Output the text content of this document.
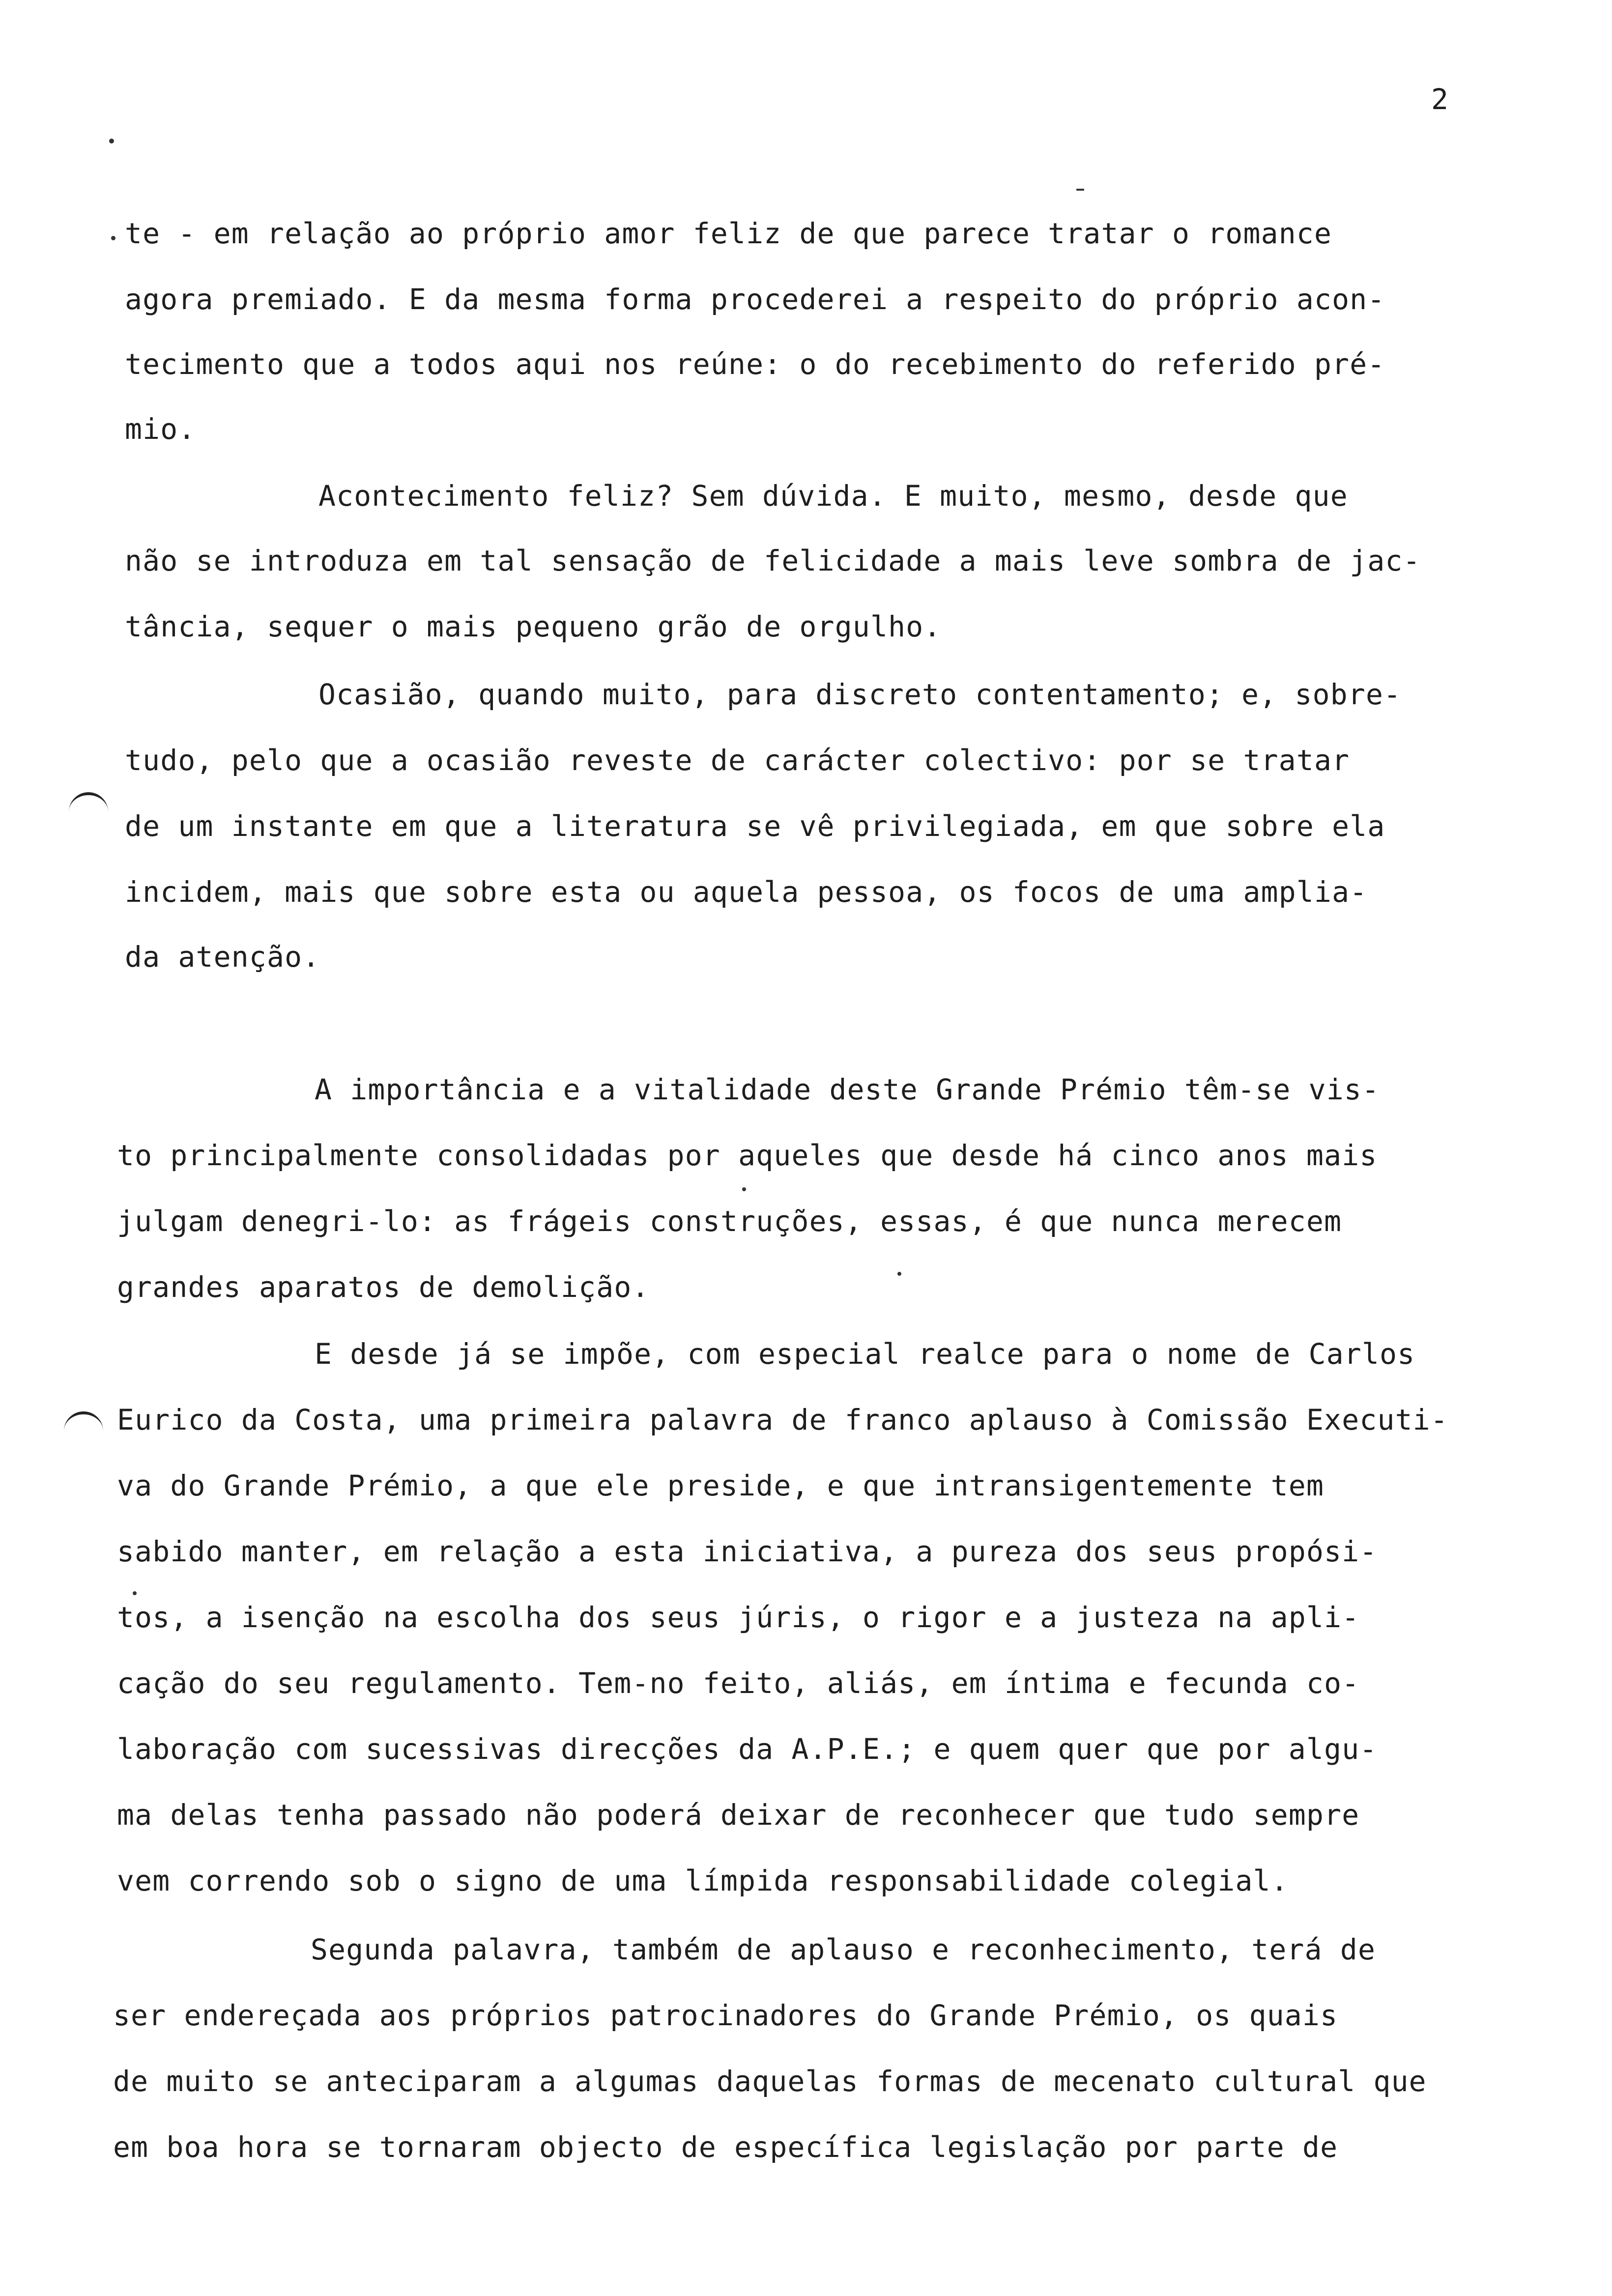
2
te - em relação ao próprio amor feliz de que parece tratar o romance
agora premiado. E da mesma forma procederei a respeito do próprio acon-
tecimento que a todos aqui nos reúne: o do recebimento do referido pré-
mio.
Acontecimento feliz? Sem dúvida. E muito, mesmo, desde que
não se introduza em tal sensação de felicidade a mais leve sombra de jac-
tância, sequer o mais pequeno grão de orgulho.
Ocasião, quando muito, para discreto contentamento; e, sobre-
tudo, pelo que a ocasião reveste de carácter colectivo: por se tratar
de um instante em que a literatura se vê privilegiada, em que sobre ela
incidem, mais que sobre esta ou aquela pessoa, os focos de uma amplia-
da atenção.
A importância e a vitalidade deste Grande Prémio têm-se vis-
to principalmente consolidadas por aqueles que desde há cinco anos mais
julgam denegri-lo: as frágeis construções, essas, é que nunca merecem
grandes aparatos de demolição.
E desde já se impõe, com especial realce para o nome de Carlos
Eurico da Costa, uma primeira palavra de franco aplauso à Comissão Executi-
va do Grande Prémio, a que ele preside, e que intransigentemente tem
sabido manter, em relação a esta iniciativa, a pureza dos seus propósi-
tos, a isenção na escolha dos seus júris, o rigor e a justeza na apli-
cação do seu regulamento. Tem-no feito, aliás, em íntima e fecunda co-
laboração com sucessivas direcções da A.P.E.; e quem quer que por algu-
ma delas tenha passado não poderá deixar de reconhecer que tudo sempre
vem correndo sob o signo de uma límpida responsabilidade colegial.
Segunda palavra, também de aplauso e reconhecimento, terá de
ser endereçada aos próprios patrocinadores do Grande Prémio, os quais
de muito se anteciparam a algumas daquelas formas de mecenato cultural que
em boa hora se tornaram objecto de específica legislação por parte de
